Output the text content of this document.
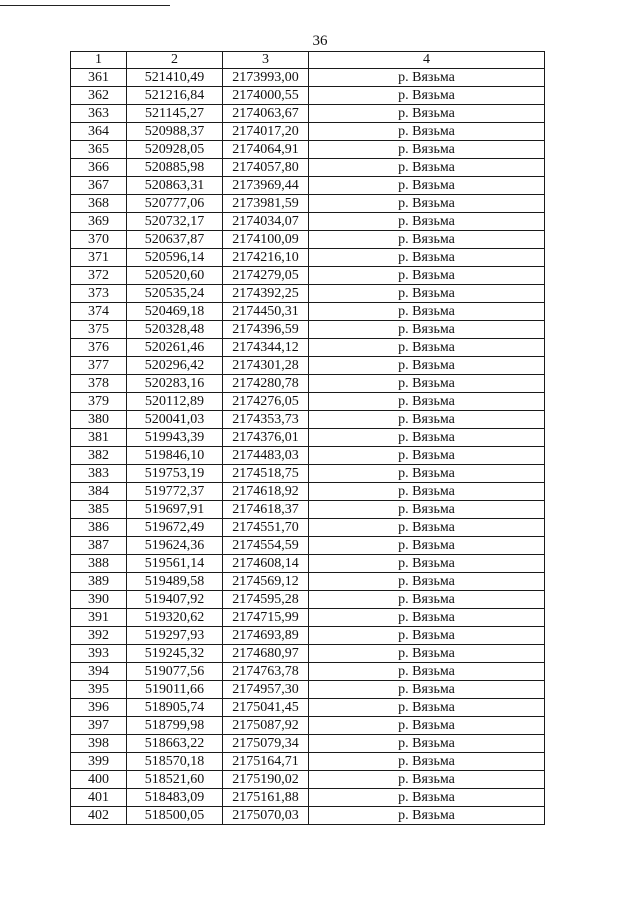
36
1	2	3	4
361	521410,49	2173993,00	р. Вязьма
362	521216,84	2174000,55	р. Вязьма
363	521145,27	2174063,67	р. Вязьма
364	520988,37	2174017,20	р. Вязьма
365	520928,05	2174064,91	р. Вязьма
366	520885,98	2174057,80	р. Вязьма
367	520863,31	2173969,44	р. Вязьма
368	520777,06	2173981,59	р. Вязьма
369	520732,17	2174034,07	р. Вязьма
370	520637,87	2174100,09	р. Вязьма
371	520596,14	2174216,10	р. Вязьма
372	520520,60	2174279,05	р. Вязьма
373	520535,24	2174392,25	р. Вязьма
374	520469,18	2174450,31	р. Вязьма
375	520328,48	2174396,59	р. Вязьма
376	520261,46	2174344,12	р. Вязьма
377	520296,42	2174301,28	р. Вязьма
378	520283,16	2174280,78	р. Вязьма
379	520112,89	2174276,05	р. Вязьма
380	520041,03	2174353,73	р. Вязьма
381	519943,39	2174376,01	р. Вязьма
382	519846,10	2174483,03	р. Вязьма
383	519753,19	2174518,75	р. Вязьма
384	519772,37	2174618,92	р. Вязьма
385	519697,91	2174618,37	р. Вязьма
386	519672,49	2174551,70	р. Вязьма
387	519624,36	2174554,59	р. Вязьма
388	519561,14	2174608,14	р. Вязьма
389	519489,58	2174569,12	р. Вязьма
390	519407,92	2174595,28	р. Вязьма
391	519320,62	2174715,99	р. Вязьма
392	519297,93	2174693,89	р. Вязьма
393	519245,32	2174680,97	р. Вязьма
394	519077,56	2174763,78	р. Вязьма
395	519011,66	2174957,30	р. Вязьма
396	518905,74	2175041,45	р. Вязьма
397	518799,98	2175087,92	р. Вязьма
398	518663,22	2175079,34	р. Вязьма
399	518570,18	2175164,71	р. Вязьма
400	518521,60	2175190,02	р. Вязьма
401	518483,09	2175161,88	р. Вязьма
402	518500,05	2175070,03	р. Вязьма
